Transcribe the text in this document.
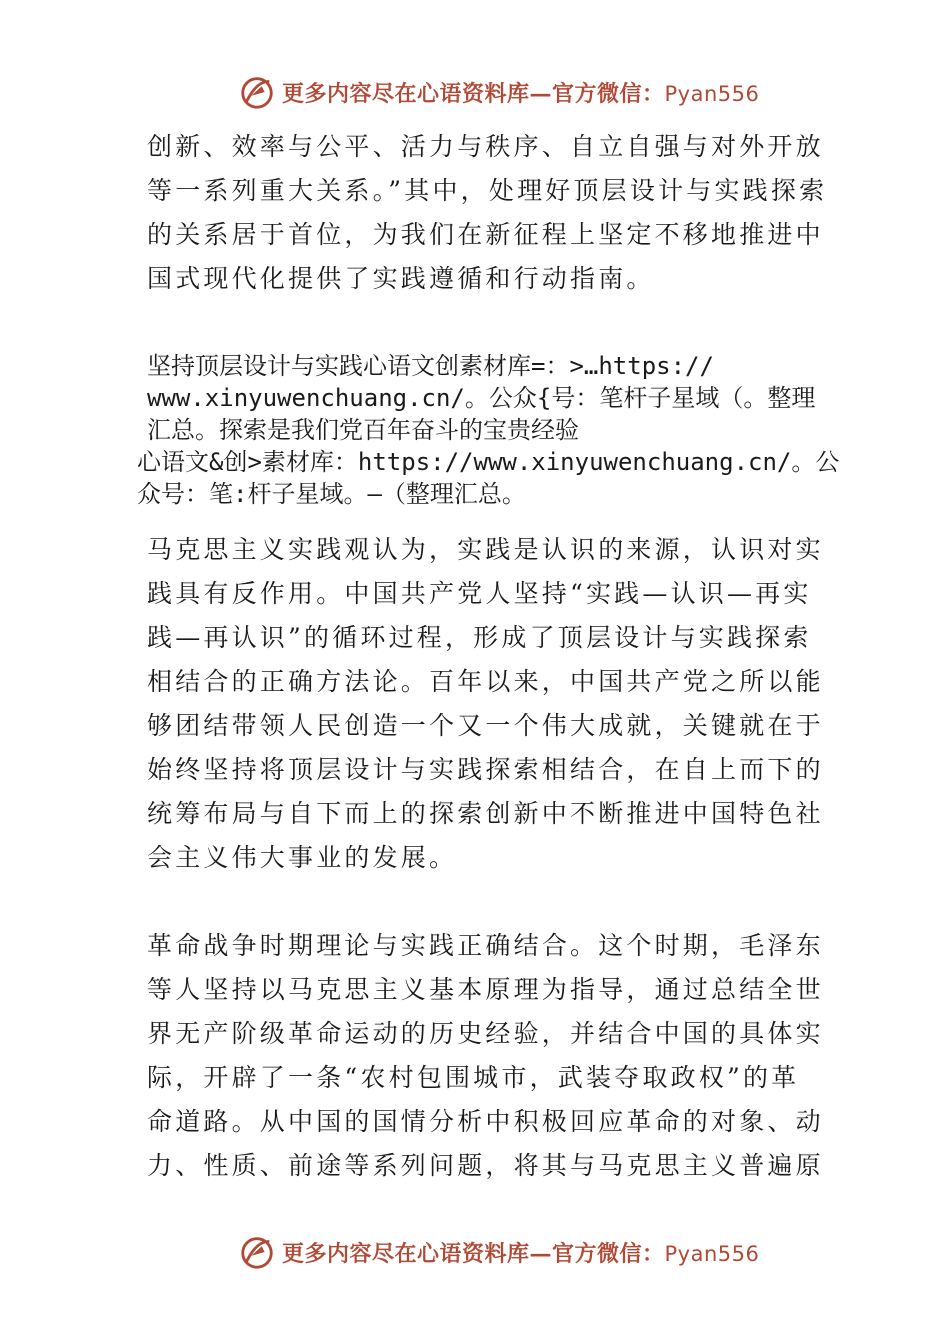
更多内容尽在心语资料库—官方微信：Pyan556
创新、效率与公平、活力与秩序、自立自强与对外开放
等一系列重大关系。”其中，处理好顶层设计与实践探索
的关系居于首位，为我们在新征程上坚定不移地推进中
国式现代化提供了实践遵循和行动指南。
坚持顶层设计与实践心语文创素材库=：>…https://
www.xinyuwenchuang.cn/。公众{号：笔杆子星域（。整理
汇总。探索是我们党百年奋斗的宝贵经验
心语文&创>素材库：https://www.xinyuwenchuang.cn/。公
众号：笔:杆子星域。—（整理汇总。
马克思主义实践观认为，实践是认识的来源，认识对实
践具有反作用。中国共产党人坚持“实践—认识—再实
践—再认识”的循环过程，形成了顶层设计与实践探索
相结合的正确方法论。百年以来，中国共产党之所以能
够团结带领人民创造一个又一个伟大成就，关键就在于
始终坚持将顶层设计与实践探索相结合，在自上而下的
统筹布局与自下而上的探索创新中不断推进中国特色社
会主义伟大事业的发展。
革命战争时期理论与实践正确结合。这个时期，毛泽东
等人坚持以马克思主义基本原理为指导，通过总结全世
界无产阶级革命运动的历史经验，并结合中国的具体实
际，开辟了一条“农村包围城市，武装夺取政权”的革
命道路。从中国的国情分析中积极回应革命的对象、动
力、性质、前途等系列问题，将其与马克思主义普遍原
更多内容尽在心语资料库—官方微信：Pyan556
